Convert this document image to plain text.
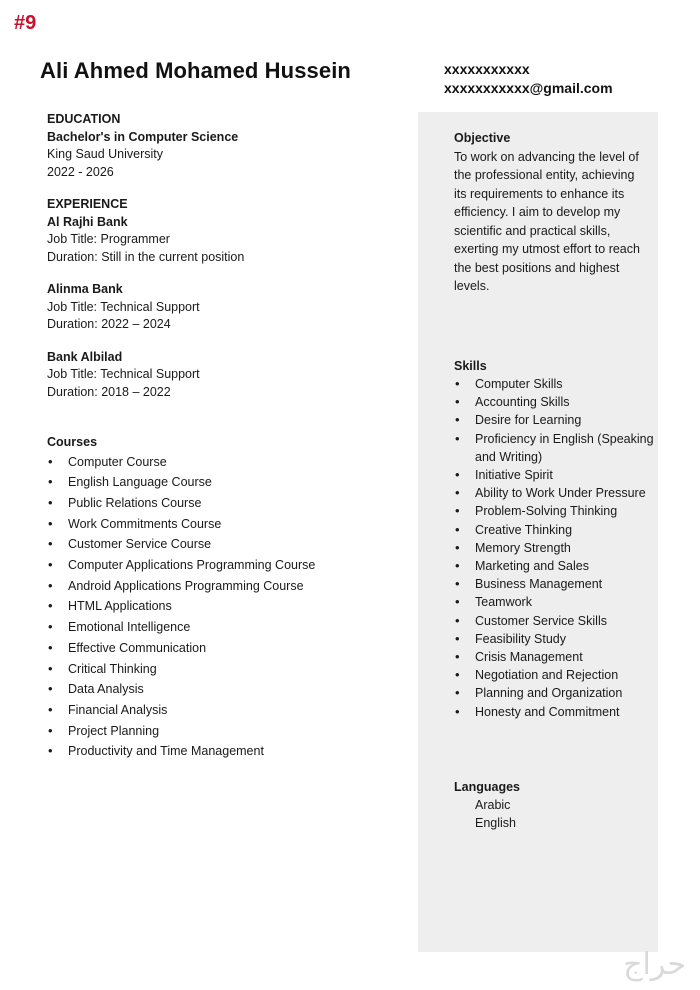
#9
Ali Ahmed Mohamed Hussein	xxxxxxxxxxx
xxxxxxxxxxx@gmail.com
EDUCATION
Bachelor's in Computer Science
King Saud University
2022 - 2026
EXPERIENCE
Al Rajhi Bank
Job Title: Programmer
Duration: Still in the current position
Alinma Bank
Job Title: Technical Support
Duration: 2022 – 2024
Bank Albilad
Job Title: Technical Support
Duration: 2018 – 2022
Courses
• Computer Course
• English Language Course
• Public Relations Course
• Work Commitments Course
• Customer Service Course
• Computer Applications Programming Course
• Android Applications Programming Course
• HTML Applications
• Emotional Intelligence
• Effective Communication
• Critical Thinking
• Data Analysis
• Financial Analysis
• Project Planning
• Productivity and Time Management
Objective
To work on advancing the level of the professional entity, achieving its requirements to enhance its efficiency. I aim to develop my scientific and practical skills, exerting my utmost effort to reach the best positions and highest levels.
Skills
• Computer Skills
• Accounting Skills
• Desire for Learning
• Proficiency in English (Speaking and Writing)
• Initiative Spirit
• Ability to Work Under Pressure
• Problem-Solving Thinking
• Creative Thinking
• Memory Strength
• Marketing and Sales
• Business Management
• Teamwork
• Customer Service Skills
• Feasibility Study
• Crisis Management
• Negotiation and Rejection
• Planning and Organization
• Honesty and Commitment
Languages
Arabic
English
حراج
